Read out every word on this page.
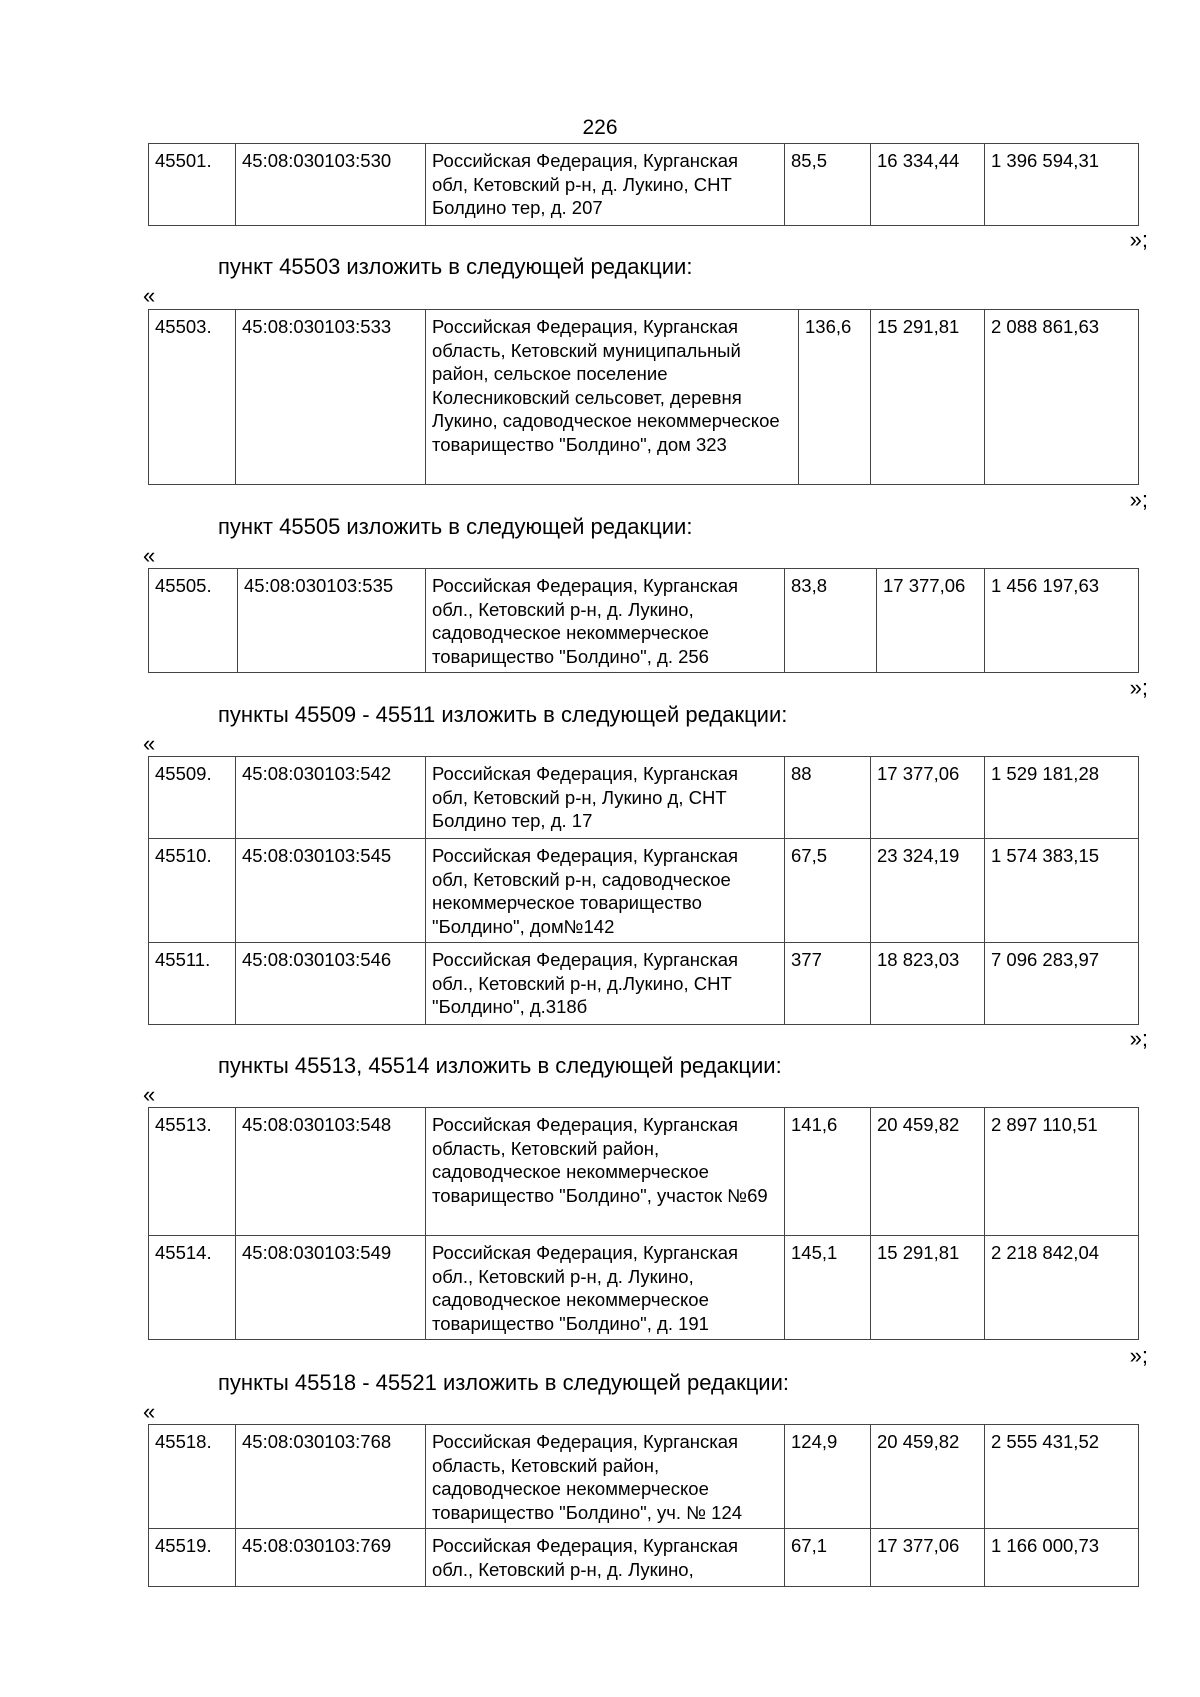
226
45501.	45:08:030103:530	Российская Федерация, Курганская обл, Кетовский р-н, д. Лукино, СНТ Болдино тер, д. 207	85,5	16 334,44	1 396 594,31
»;
пункт 45503 изложить в следующей редакции:
«
45503.	45:08:030103:533	Российская Федерация, Курганская область, Кетовский муниципальный район, сельское поселение Колесниковский сельсовет, деревня Лукино, садоводческое некоммерческое товарищество "Болдино", дом 323	136,6	15 291,81	2 088 861,63
»;
пункт 45505 изложить в следующей редакции:
«
45505.	45:08:030103:535	Российская Федерация, Курганская обл., Кетовский р-н, д. Лукино, садоводческое некоммерческое товарищество "Болдино", д. 256	83,8	17 377,06	1 456 197,63
»;
пункты 45509 - 45511 изложить в следующей редакции:
«
45509.	45:08:030103:542	Российская Федерация, Курганская обл, Кетовский р-н, Лукино д, СНТ Болдино тер, д. 17	88	17 377,06	1 529 181,28
45510.	45:08:030103:545	Российская Федерация, Курганская обл, Кетовский р-н, садоводческое некоммерческое товарищество "Болдино", дом№142	67,5	23 324,19	1 574 383,15
45511.	45:08:030103:546	Российская Федерация, Курганская обл., Кетовский р-н, д.Лукино, СНТ "Болдино", д.318б	377	18 823,03	7 096 283,97
»;
пункты 45513, 45514 изложить в следующей редакции:
«
45513.	45:08:030103:548	Российская Федерация, Курганская область, Кетовский район, садоводческое некоммерческое товарищество "Болдино", участок №69	141,6	20 459,82	2 897 110,51
45514.	45:08:030103:549	Российская Федерация, Курганская обл., Кетовский р-н, д. Лукино, садоводческое некоммерческое товарищество "Болдино", д. 191	145,1	15 291,81	2 218 842,04
»;
пункты 45518 - 45521 изложить в следующей редакции:
«
45518.	45:08:030103:768	Российская Федерация, Курганская область, Кетовский район, садоводческое некоммерческое товарищество "Болдино", уч. № 124	124,9	20 459,82	2 555 431,52
45519.	45:08:030103:769	Российская Федерация, Курганская обл., Кетовский р-н, д. Лукино,	67,1	17 377,06	1 166 000,73
